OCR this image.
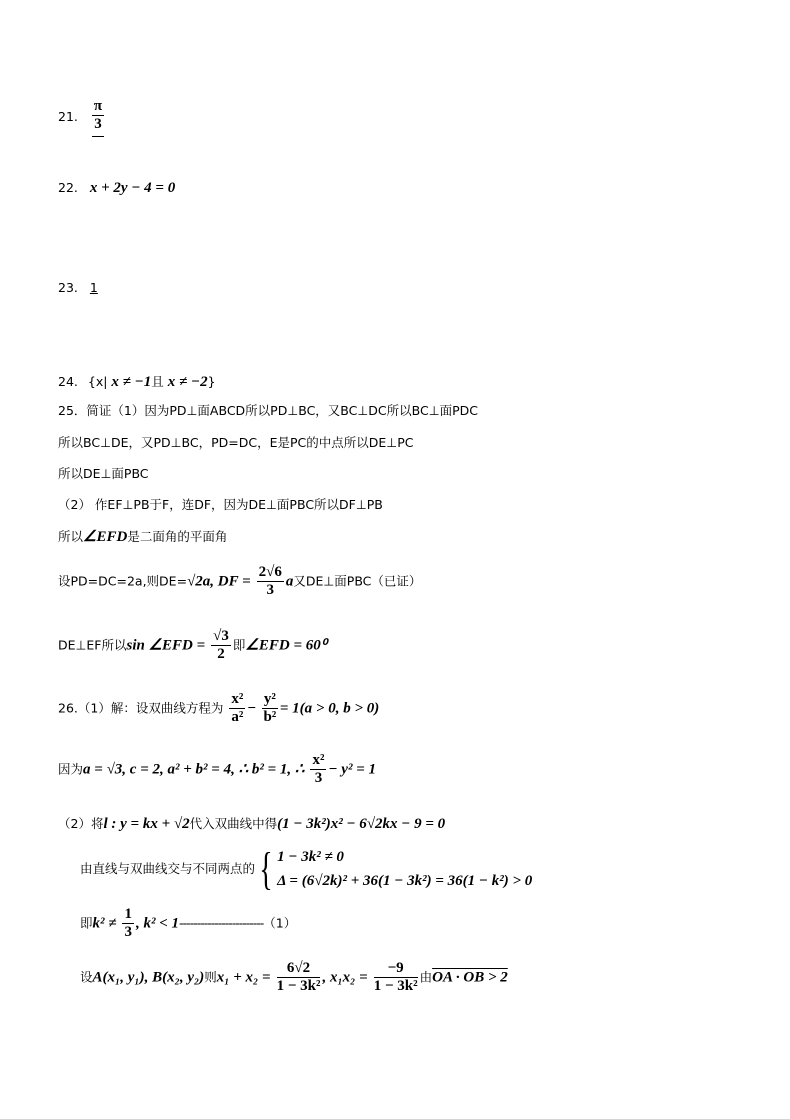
21. $\frac{\pi}{3}$
22. x + 2y − 4 = 0
23. 1
24. {x| x ≠ −1且 x ≠ −2}
25．简证（1）因为PD⊥面ABCD所以PD⊥BC，又BC⊥DC所以BC⊥面PDC
所以BC⊥DE，又PD⊥BC，PD=DC，E是PC的中点所以DE⊥PC
所以DE⊥面PBC
（2） 作EF⊥PB于F，连DF，因为DE⊥面PBC所以DF⊥PB
所以∠EFD是二面角的平面角
设PD=DC=2a,则DE=√2a, DF = $\frac{2√6}{3}$ a又DE⊥面PBC（已证）
DE⊥EF所以sin ∠EFD = $\frac{√3}{2}$ 即∠EFD = 60⁰
26.（1）解：设双曲线方程为 $\frac{\text{x²}}{\text{a²}} - \frac{\text{y²}}{\text{b²}} = 1(a > 0$, b > 0)
因为a = √3, c = 2, a² + b² = 4, ∴ b² = 1, ∴ $\frac{\text{x²}}{3} - y^2 = 1$
（2）将l : y = kx + √2代入双曲线中得(1 − 3k²)x² − 6√2kx − 9 = 0
由直线与双曲线交与不同两点的{ 1 − 3k² ≠ 0
Δ = (6√2k)² + 36(1 − 3k²) = 36(1 − k²) > 0
即$k^2 \ne \frac{1}{3}$ , k² < 1------------------------（1）
设A(x₁, y₁), B(x₂, y₂)则$x_1 + x_2 = \frac{6√2}{\text{1 − 3k²}}$ , $x_1x_2 = \frac{-9}{\text{1 − 3k²}}$ 由OA · OB > 2
